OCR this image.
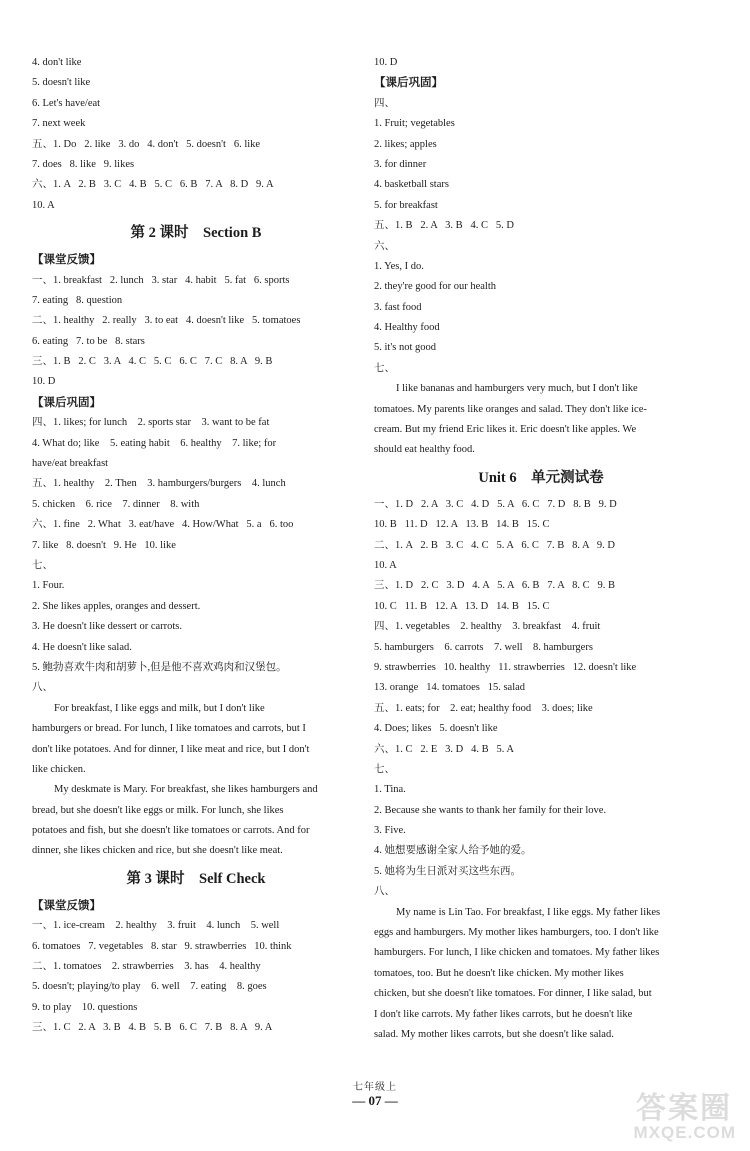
4. don't like
5. doesn't like
6. Let's have/eat
7. next week
五、1. Do   2. like   3. do   4. don't   5. doesn't   6. like
7. does   8. like   9. likes
六、1. A   2. B   3. C   4. B   5. C   6. B   7. A   8. D   9. A
10. A
第 2 课时    Section B
【课堂反馈】
一、1. breakfast   2. lunch   3. star   4. habit   5. fat   6. sports
7. eating   8. question
二、1. healthy   2. really   3. to eat   4. doesn't like   5. tomatoes
6. eating   7. to be   8. stars
三、1. B   2. C   3. A   4. C   5. C   6. C   7. C   8. A   9. B
10. D
【课后巩固】
四、1. likes; for lunch    2. sports star    3. want to be fat
4. What do; like    5. eating habit    6. healthy    7. like; for
have/eat breakfast
五、1. healthy    2. Then    3. hamburgers/burgers    4. lunch
5. chicken    6. rice    7. dinner    8. with
六、1. fine   2. What   3. eat/have   4. How/What   5. a   6. too
7. like   8. doesn't   9. He   10. like
七、
1. Four.
2. She likes apples, oranges and dessert.
3. He doesn't like dessert or carrots.
4. He doesn't like salad.
5. 鲍勃喜欢牛肉和胡萝卜,但是他不喜欢鸡肉和汉堡包。
八、
For breakfast, I like eggs and milk, but I don't like
hamburgers or bread. For lunch, I like tomatoes and carrots, but I
don't like potatoes. And for dinner, I like meat and rice, but I don't
like chicken.
My deskmate is Mary. For breakfast, she likes hamburgers and
bread, but she doesn't like eggs or milk. For lunch, she likes
potatoes and fish, but she doesn't like tomatoes or carrots. And for
dinner, she likes chicken and rice, but she doesn't like meat.
第 3 课时    Self Check
【课堂反馈】
一、1. ice-cream    2. healthy    3. fruit    4. lunch    5. well
6. tomatoes   7. vegetables   8. star   9. strawberries   10. think
二、1. tomatoes    2. strawberries    3. has    4. healthy
5. doesn't; playing/to play    6. well    7. eating    8. goes
9. to play    10. questions
三、1. C   2. A   3. B   4. B   5. B   6. C   7. B   8. A   9. A
10. D
【课后巩固】
四、
1. Fruit; vegetables
2. likes; apples
3. for dinner
4. basketball stars
5. for breakfast
五、1. B   2. A   3. B   4. C   5. D
六、
1. Yes, I do.
2. they're good for our health
3. fast food
4. Healthy food
5. it's not good
七、
I like bananas and hamburgers very much, but I don't like
tomatoes. My parents like oranges and salad. They don't like ice-
cream. But my friend Eric likes it. Eric doesn't like apples. We
should eat healthy food.
Unit 6    单元测试卷
一、1. D   2. A   3. C   4. D   5. A   6. C   7. D   8. B   9. D
10. B   11. D   12. A   13. B   14. B   15. C
二、1. A   2. B   3. C   4. C   5. A   6. C   7. B   8. A   9. D
10. A
三、1. D   2. C   3. D   4. A   5. A   6. B   7. A   8. C   9. B
10. C   11. B   12. A   13. D   14. B   15. C
四、1. vegetables    2. healthy    3. breakfast    4. fruit
5. hamburgers    6. carrots    7. well    8. hamburgers
9. strawberries   10. healthy   11. strawberries   12. doesn't like
13. orange   14. tomatoes   15. salad
五、1. eats; for    2. eat; healthy food    3. does; like
4. Does; likes   5. doesn't like
六、1. C   2. E   3. D   4. B   5. A
七、
1. Tina.
2. Because she wants to thank her family for their love.
3. Five.
4. 她想要感谢全家人给予她的爱。
5. 她将为生日派对买这些东西。
八、
My name is Lin Tao. For breakfast, I like eggs. My father likes
eggs and hamburgers. My mother likes hamburgers, too. I don't like
hamburgers. For lunch, I like chicken and tomatoes. My father likes
tomatoes, too. But he doesn't like chicken. My mother likes
chicken, but she doesn't like tomatoes. For dinner, I like salad, but
I don't like carrots. My father likes carrots, but he doesn't like
salad. My mother likes carrots, but she doesn't like salad.
七年级上
— 07 —	答案圈
MXQE.COM
